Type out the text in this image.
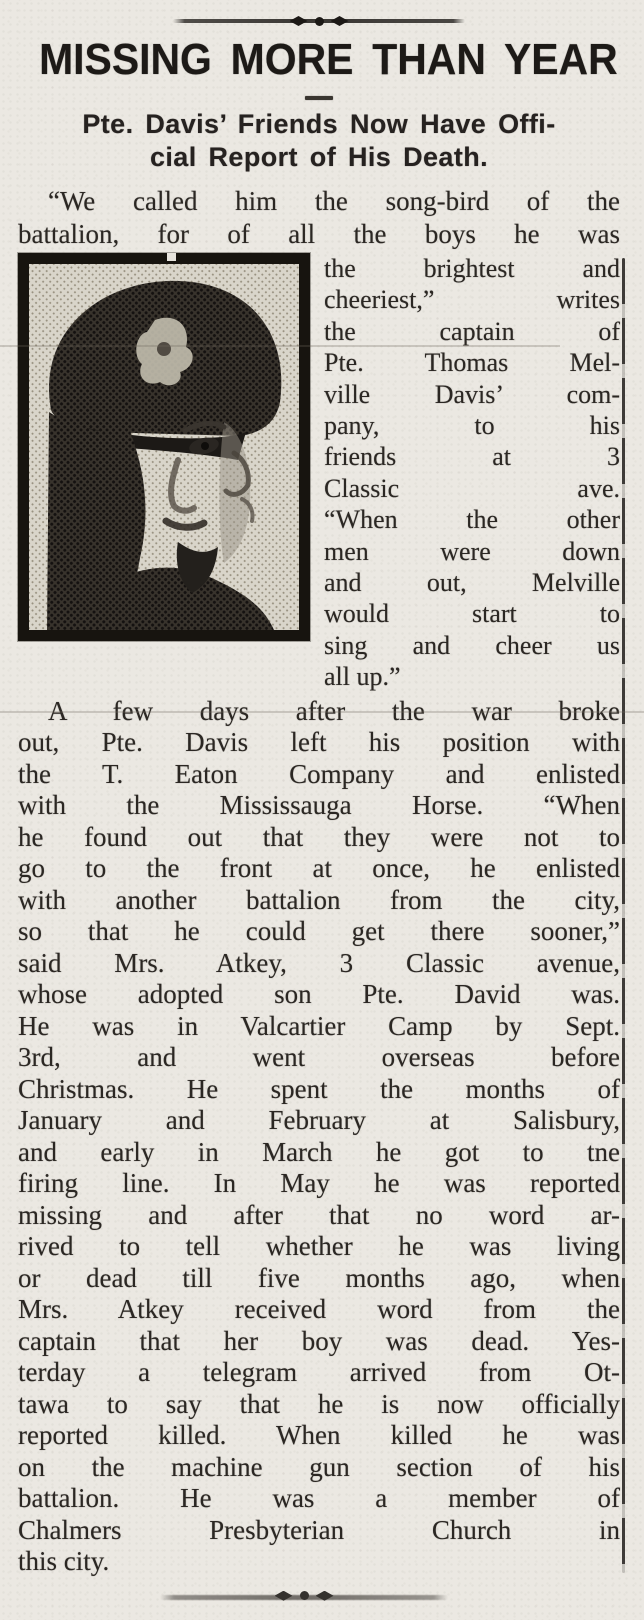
MISSING MORE THAN YEAR
Pte. Davis’ Friends Now Have Offi-
cial Report of His Death.
“We called him the song-bird of the
battalion, for of all the boys he was
the brightest and
cheeriest,” writes
the captain of
Pte. Thomas Mel-
ville Davis’ com-
pany, to his
friends at 3
Classic ave.
“When the other
men were down
and out, Melville
would start to
sing and cheer us
all up.”
A few days after the war broke
out, Pte. Davis left his position with
the T. Eaton Company and enlisted
with the Mississauga Horse. “When
he found out that they were not to
go to the front at once, he enlisted
with another battalion from the city,
so that he could get there sooner,”
said Mrs. Atkey, 3 Classic avenue,
whose adopted son Pte. David was.
He was in Valcartier Camp by Sept.
3rd, and went overseas before
Christmas. He spent the months of
January and February at Salisbury,
and early in March he got to tne
firing line. In May he was reported
missing and after that no word ar-
rived to tell whether he was living
or dead till five months ago, when
Mrs. Atkey received word from the
captain that her boy was dead. Yes-
terday a telegram arrived from Ot-
tawa to say that he is now officially
reported killed. When killed he was
on the machine gun section of his
battalion. He was a member of
Chalmers Presbyterian Church in
this city.
